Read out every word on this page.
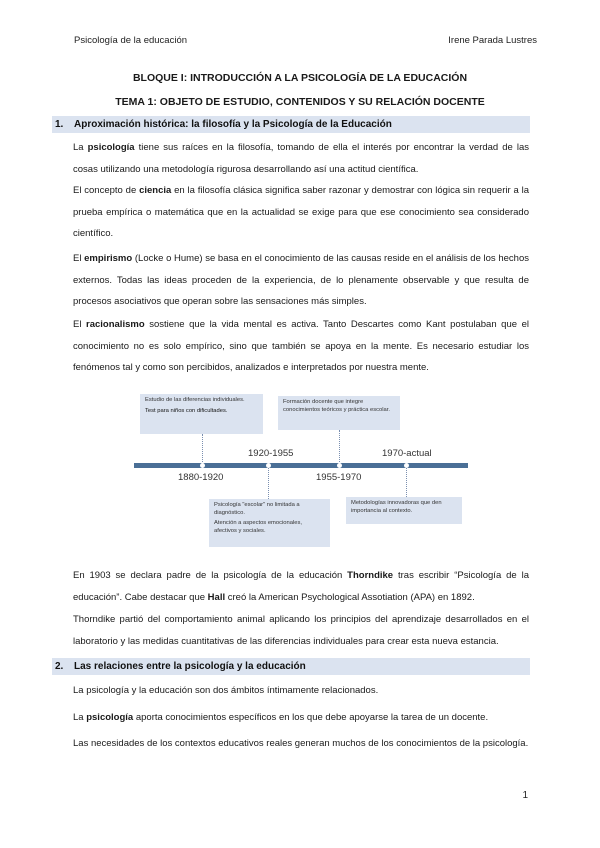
Psicología de la educación	Irene Parada Lustres
BLOQUE I: INTRODUCCIÓN A LA PSICOLOGÍA DE LA EDUCACIÓN
TEMA 1: OBJETO DE ESTUDIO, CONTENIDOS Y SU RELACIÓN DOCENTE
1. Aproximación histórica: la filosofía y la Psicología de la Educación
La psicología tiene sus raíces en la filosofía, tomando de ella el interés por encontrar la verdad de las cosas utilizando una metodología rigurosa desarrollando así una actitud científica.
El concepto de ciencia en la filosofía clásica significa saber razonar y demostrar con lógica sin requerir a la prueba empírica o matemática que en la actualidad se exige para que ese conocimiento sea considerado científico.
El empirismo (Locke o Hume) se basa en el conocimiento de las causas reside en el análisis de los hechos externos. Todas las ideas proceden de la experiencia, de lo plenamente observable y que resulta de procesos asociativos que operan sobre las sensaciones más simples.
El racionalismo sostiene que la vida mental es activa. Tanto Descartes como Kant postulaban que el conocimiento no es solo empírico, sino que también se apoya en la mente. Es necesario estudiar los fenómenos tal y como son percibidos, analizados e interpretados por nuestra mente.
Estudio de las diferencias individuales.
Test para niños con dificultades.
Formación docente que integre conocimientos teóricos y práctica escolar.
1920-1955	1970-actual
1880-1920	1955-1970
Psicología "escolar" no limitada a diagnóstico.
Atención a aspectos emocionales, afectivos y sociales.
Metodologías innovadoras que den importancia al contexto.
En 1903 se declara padre de la psicología de la educación Thorndike tras escribir “Psicología de la educación”. Cabe destacar que Hall creó la American Psychological Assotiation (APA) en 1892.
Thorndike partió del comportamiento animal aplicando los principios del aprendizaje desarrollados en el laboratorio y las medidas cuantitativas de las diferencias individuales para crear esta nueva estancia.
2. Las relaciones entre la psicología y la educación
La psicología y la educación son dos ámbitos íntimamente relacionados.
La psicología aporta conocimientos específicos en los que debe apoyarse la tarea de un docente.
Las necesidades de los contextos educativos reales generan muchos de los conocimientos de la psicología.
1
